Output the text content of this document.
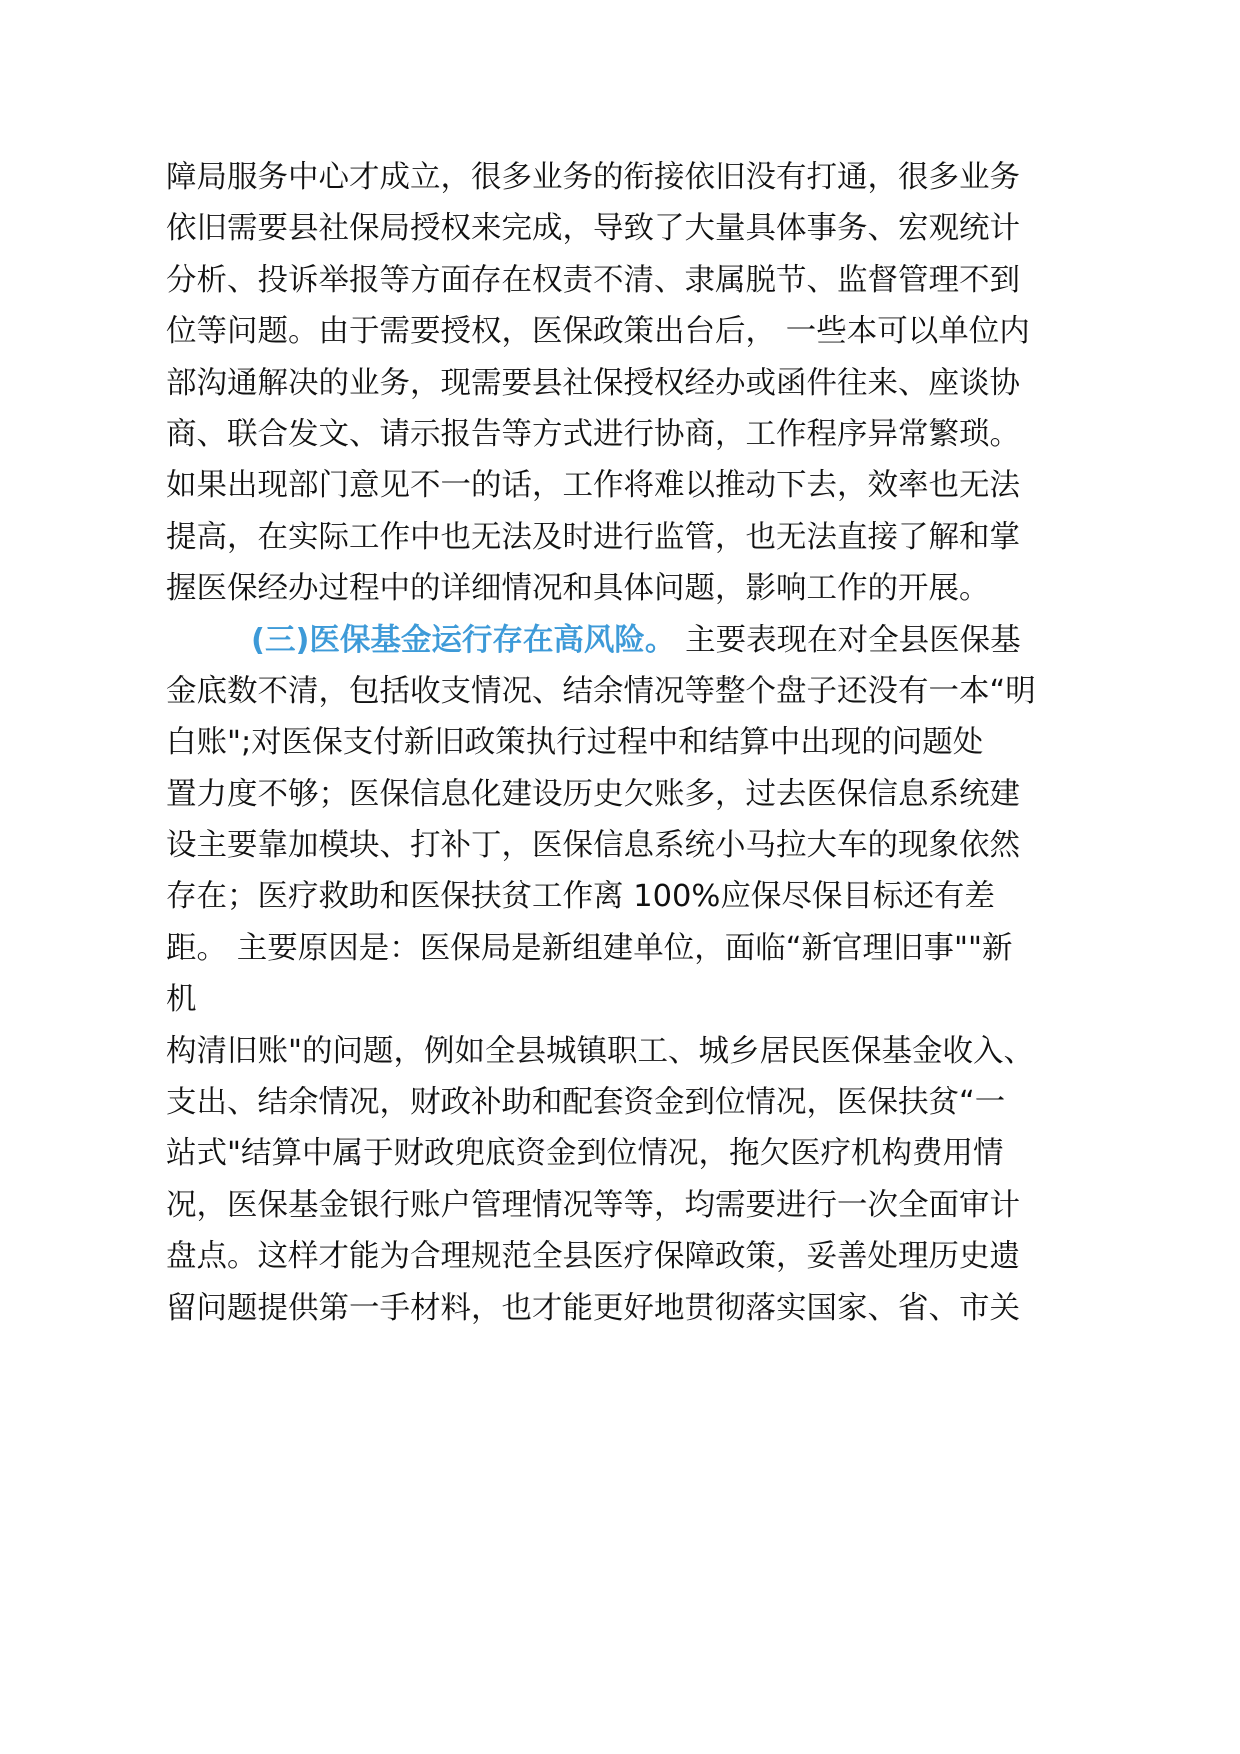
障局服务中心才成立，很多业务的衔接依旧没有打通，很多业务
依旧需要县社保局授权来完成，导致了大量具体事务、宏观统计
分析、投诉举报等方面存在权责不清、隶属脱节、监督管理不到
位等问题。由于需要授权，医保政策出台后， 一些本可以单位内
部沟通解决的业务，现需要县社保授权经办或函件往来、座谈协
商、联合发文、请示报告等方式进行协商，工作程序异常繁琐。
如果出现部门意见不一的话，工作将难以推动下去，效率也无法
提高，在实际工作中也无法及时进行监管，也无法直接了解和掌
握医保经办过程中的详细情况和具体问题，影响工作的开展。
(三)医保基金运行存在高风险。 主要表现在对全县医保基
金底数不清，包括收支情况、结余情况等整个盘子还没有一本“明
白账";对医保支付新旧政策执行过程中和结算中出现的问题处
置力度不够；医保信息化建设历史欠账多，过去医保信息系统建
设主要靠加模块、打补丁，医保信息系统小马拉大车的现象依然
存在；医疗救助和医保扶贫工作离 100%应保尽保目标还有差
距。 主要原因是：医保局是新组建单位，面临“新官理旧事""新
机
构清旧账"的问题，例如全县城镇职工、城乡居民医保基金收入、
支出、结余情况，财政补助和配套资金到位情况，医保扶贫“一
站式"结算中属于财政兜底资金到位情况，拖欠医疗机构费用情
况，医保基金银行账户管理情况等等，均需要进行一次全面审计
盘点。这样才能为合理规范全县医疗保障政策，妥善处理历史遗
留问题提供第一手材料，也才能更好地贯彻落实国家、省、市关
